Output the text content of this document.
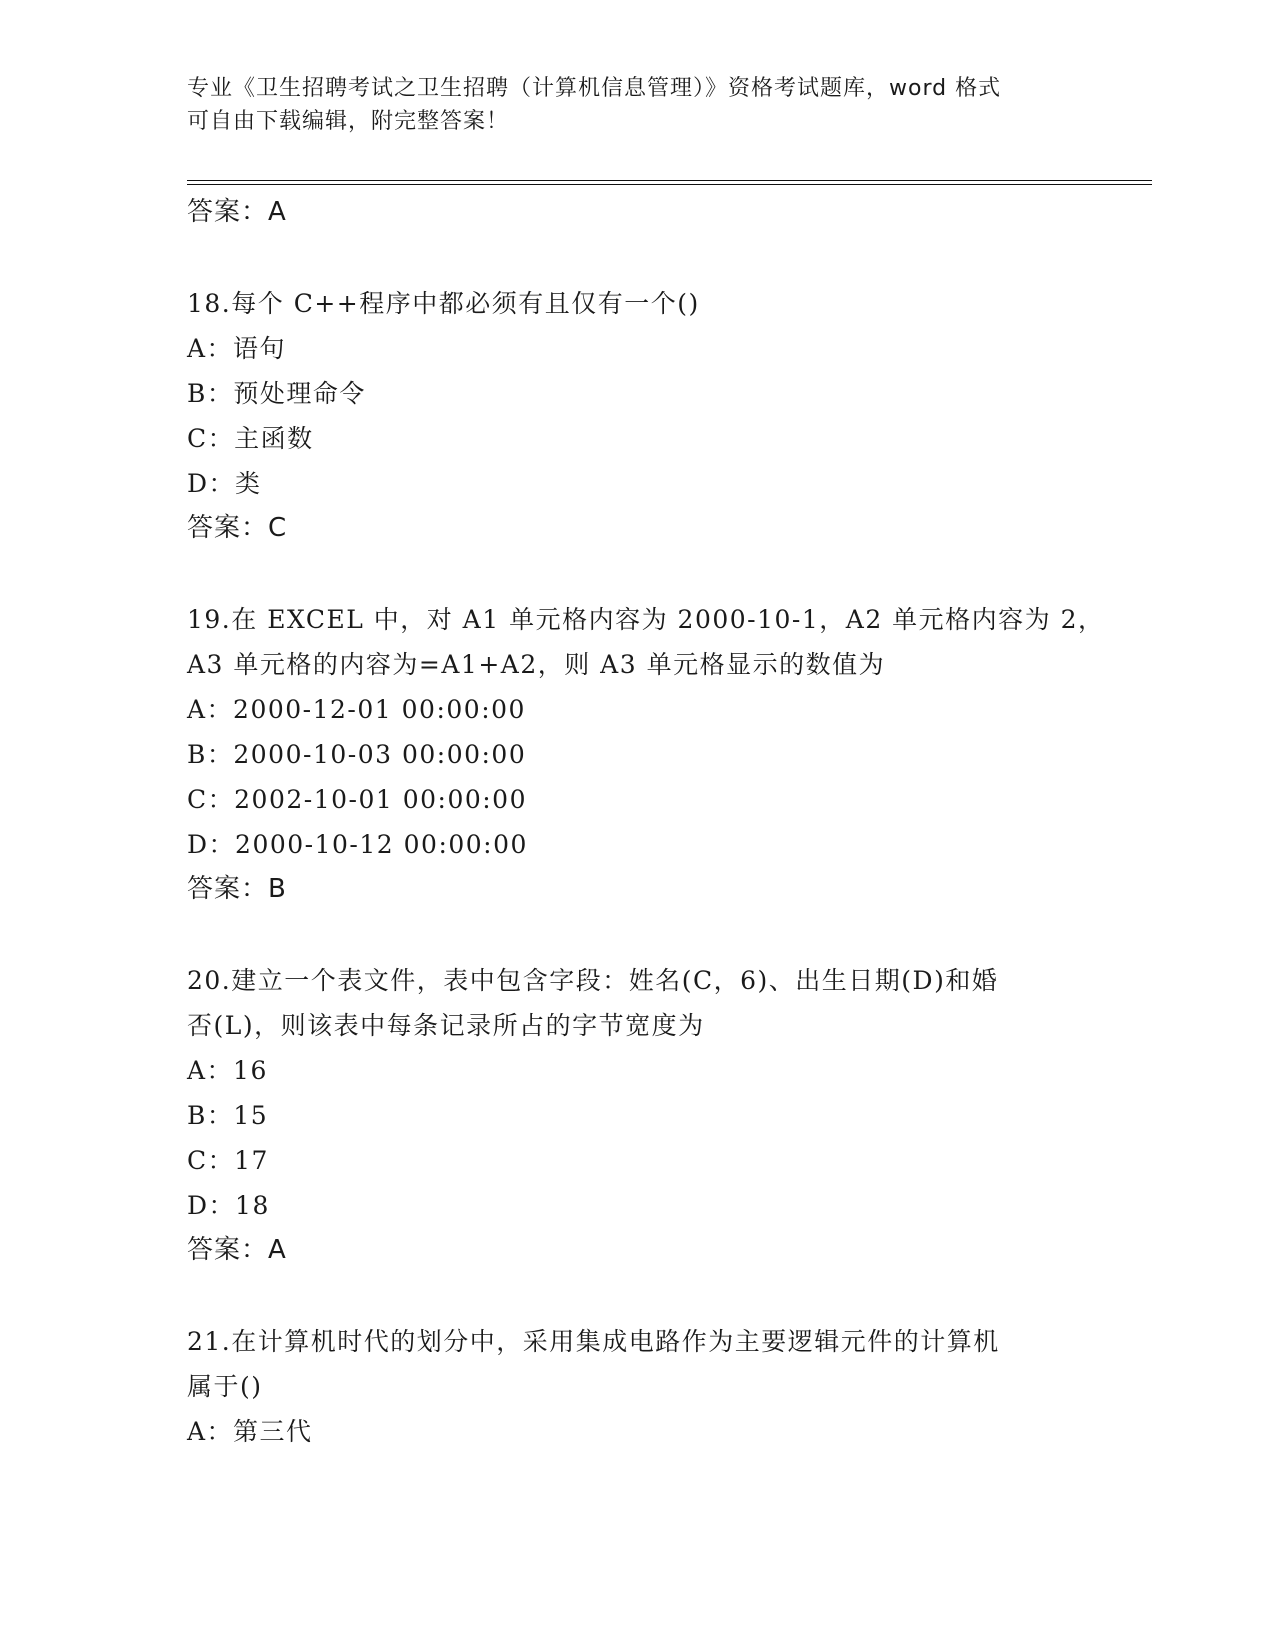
专业《卫生招聘考试之卫生招聘（计算机信息管理）》资格考试题库，word 格式
可自由下载编辑，附完整答案！
答案：A
18.每个 C++程序中都必须有且仅有一个()
A：语句
B：预处理命令
C：主函数
D：类
答案：C
19.在 EXCEL 中，对 A1 单元格内容为 2000-10-1，A2 单元格内容为 2，
A3 单元格的内容为=A1+A2，则 A3 单元格显示的数值为
A：2000-12-01 00:00:00
B：2000-10-03 00:00:00
C：2002-10-01 00:00:00
D：2000-10-12 00:00:00
答案：B
20.建立一个表文件，表中包含字段：姓名(C，6)、出生日期(D)和婚
否(L)，则该表中每条记录所占的字节宽度为
A：16
B：15
C：17
D：18
答案：A
21.在计算机时代的划分中，采用集成电路作为主要逻辑元件的计算机
属于()
A：第三代
